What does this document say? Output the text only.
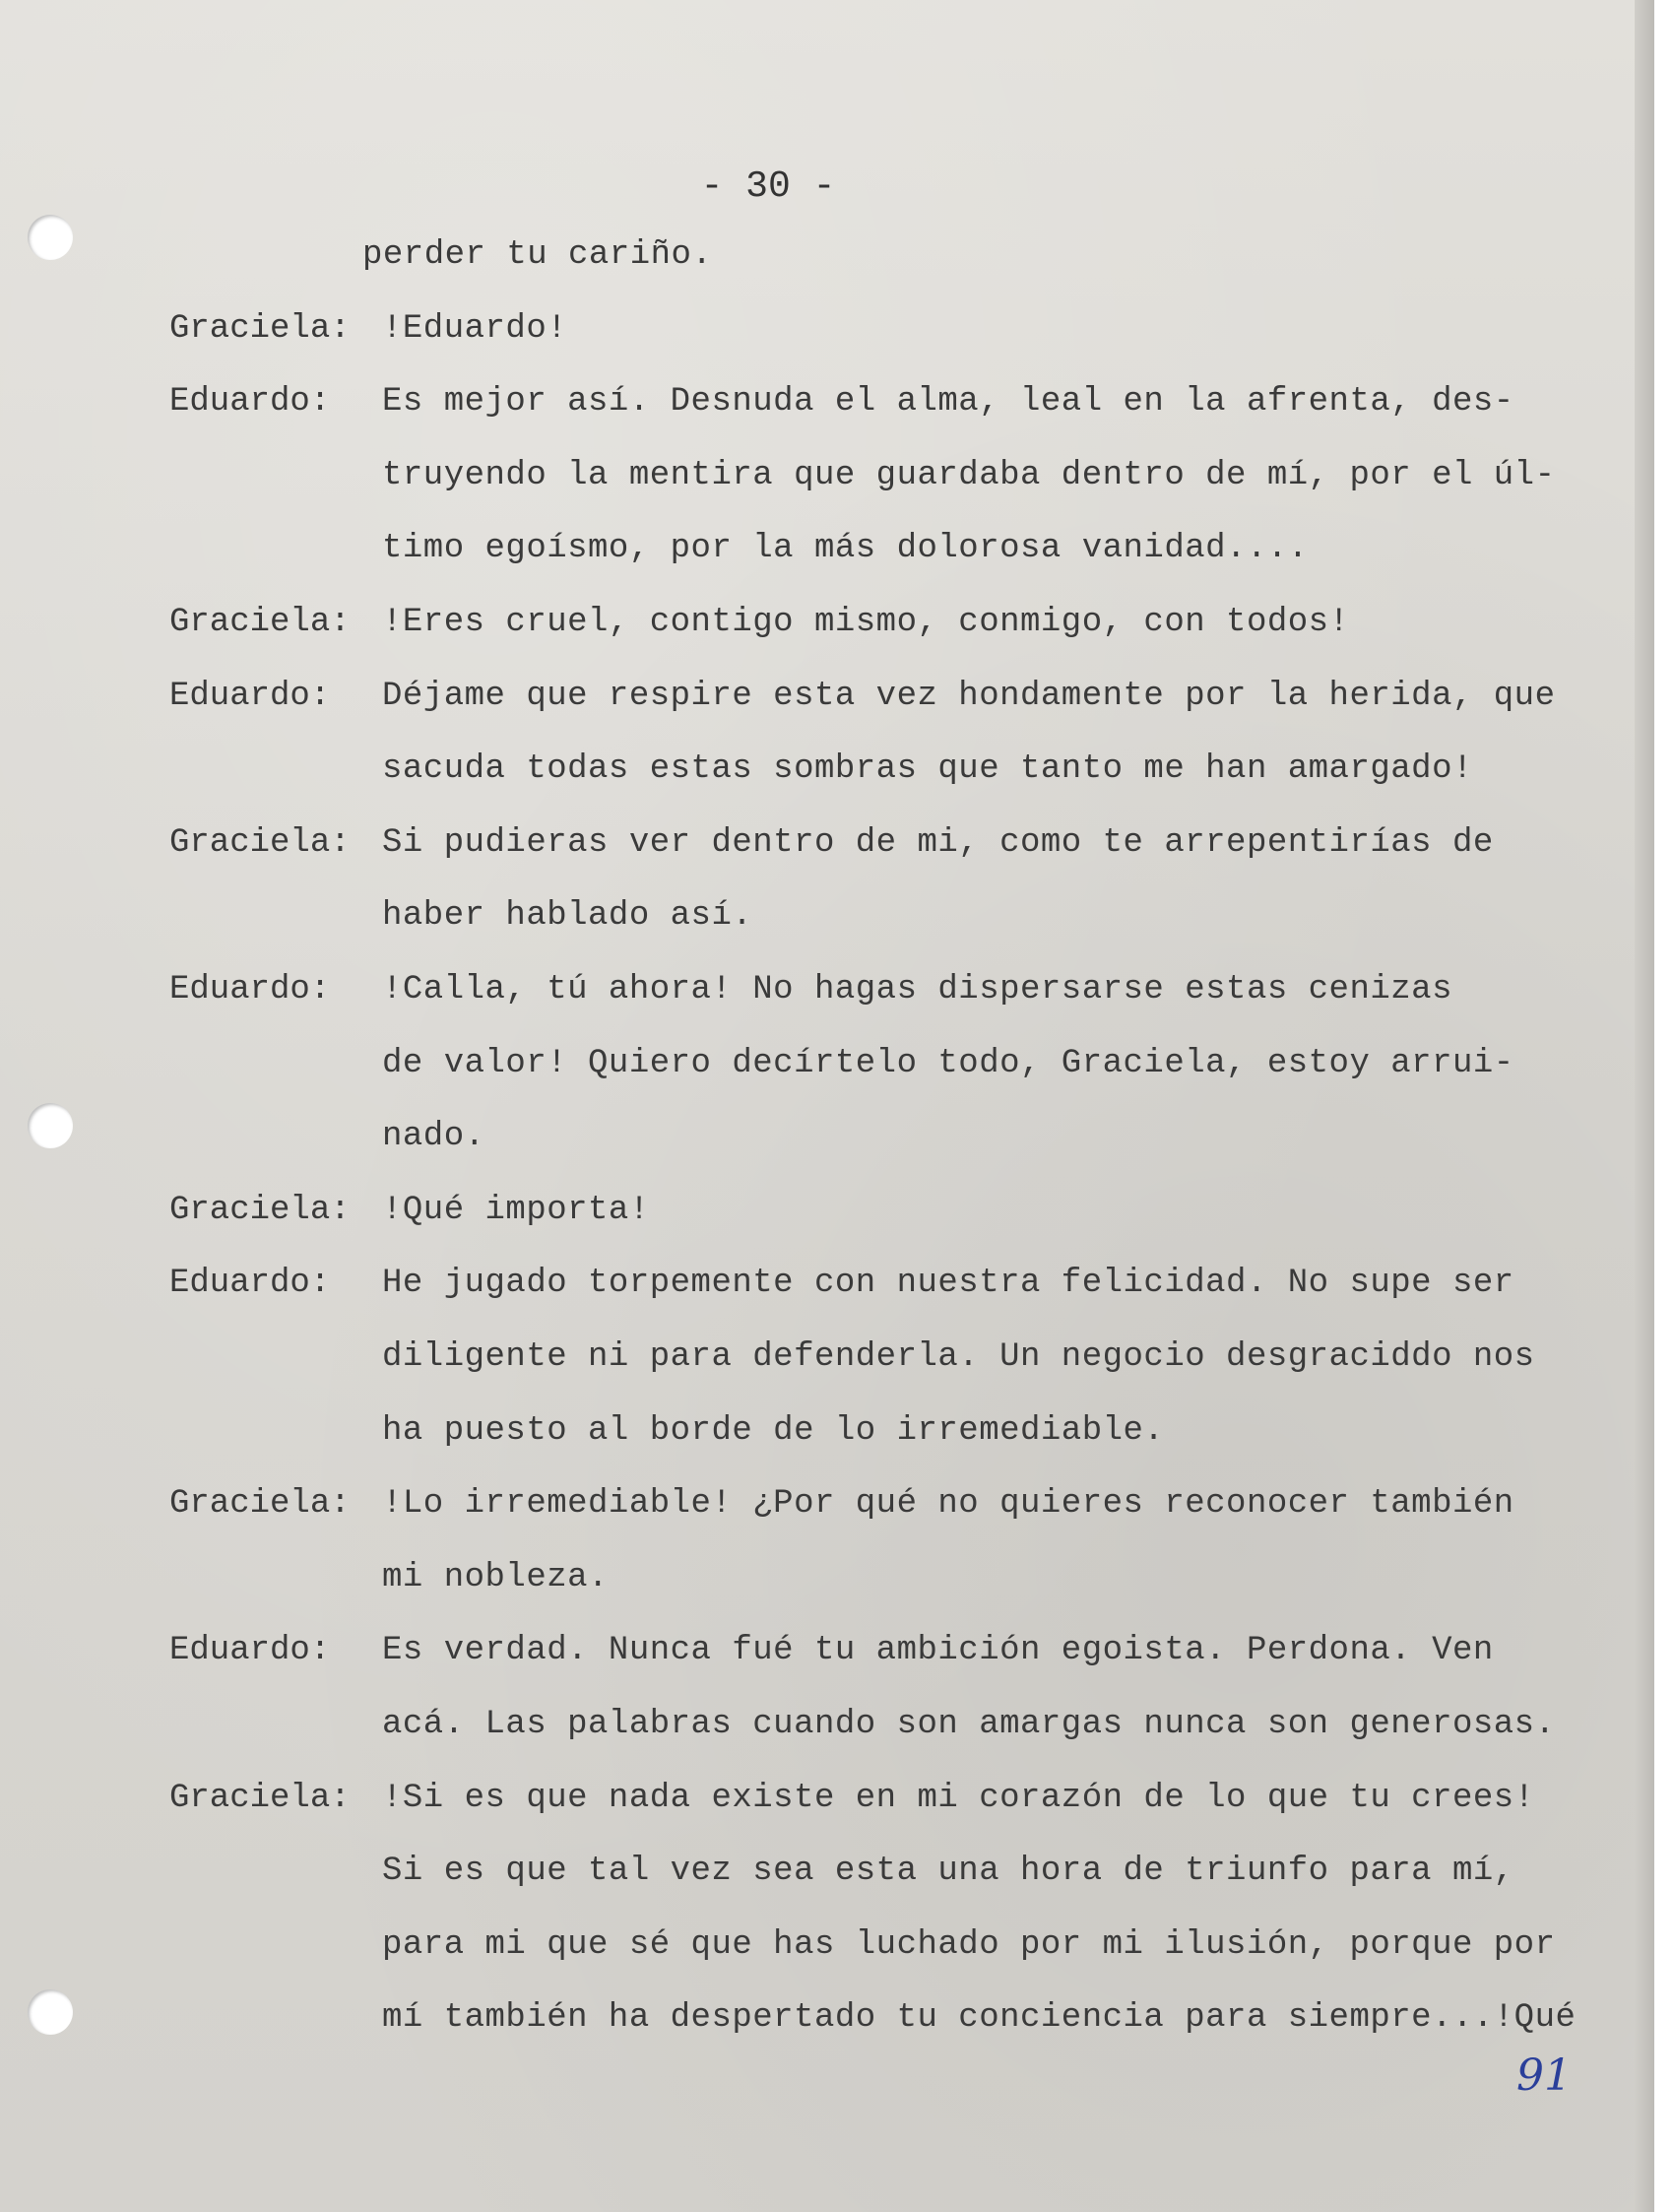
- 30 -
perder tu cariño.
Graciela: !Eduardo!
Eduardo: Es mejor así. Desnuda el alma, leal en la afrenta, des-
truyendo la mentira que guardaba dentro de mí, por el úl-
timo egoísmo, por la más dolorosa vanidad....
Graciela: !Eres cruel, contigo mismo, conmigo, con todos!
Eduardo: Déjame que respire esta vez hondamente por la herida, que
sacuda todas estas sombras que tanto me han amargado!
Graciela: Si pudieras ver dentro de mi, como te arrepentirías de
haber hablado así.
Eduardo: !Calla, tú ahora! No hagas dispersarse estas cenizas
de valor! Quiero decírtelo todo, Graciela, estoy arrui-
nado.
Graciela: !Qué importa!
Eduardo: He jugado torpemente con nuestra felicidad. No supe ser
diligente ni para defenderla. Un negocio desgraciddo nos
ha puesto al borde de lo irremediable.
Graciela: !Lo irremediable! ¿Por qué no quieres reconocer también
mi nobleza.
Eduardo: Es verdad. Nunca fué tu ambición egoista. Perdona. Ven
acá. Las palabras cuando son amargas nunca son generosas.
Graciela: !Si es que nada existe en mi corazón de lo que tu crees!
Si es que tal vez sea esta una hora de triunfo para mí,
para mi que sé que has luchado por mi ilusión, porque por
mí también ha despertado tu conciencia para siempre...!Qué
91
